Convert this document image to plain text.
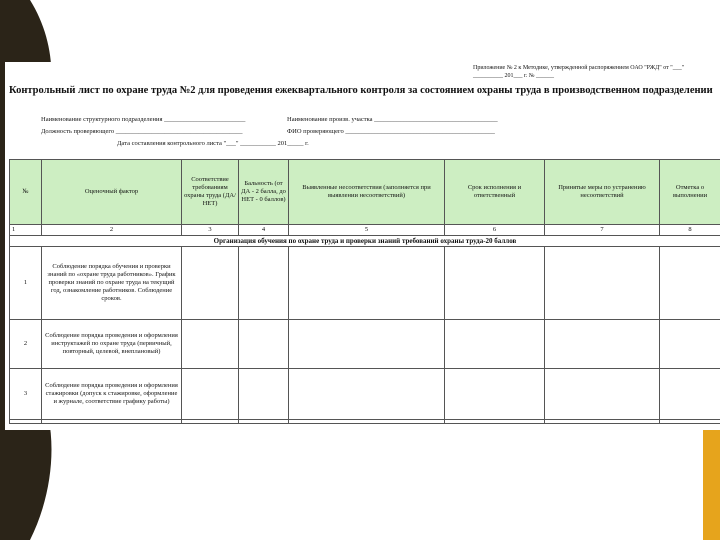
Приложение № 2 к Методике, утвержденной распоряжением ОАО "РЖД" от "___" __________ 201___ г. № ______
Контрольный лист по охране труда №2 для проведения ежеквартального контроля за состоянием охраны труда в производственном подразделении
Наименование структурного подразделения _________________________	Наименование произв. участка ______________________________________
Должность проверяющего _______________________________________	ФИО проверяющего ______________________________________________
Дата составления контрольного листа "___" ___________ 201_____ г.
№	Оценочный фактор	Соответствие требованиям охраны труда (ДА/НЕТ)	Бальность (от ДА - 2 балла, до НЕТ - 0 баллов)	Выявленные несоответствия (заполняется при выявлении несоответствий)	Срок исполнения и ответственный	Принятые меры по устранению несоответствий	Отметка о выполнении
1	2	3	4	5	6	7	8
Организация обучения по охране труда и проверки знаний требований охраны труда-20 баллов							
1	Соблюдение порядка обучения и проверки знаний по «охране труда работников». График проверки знаний по охране труда на текущий год, ознакомление работников. Соблюдение сроков.						
2	Соблюдение порядка проведения и оформления инструктажей по охране труда (первичный, повторный, целевой, внеплановый)						
3	Соблюдение порядка проведения и оформления стажировки (допуск к стажировке, оформление и журнале, соответствие графику работы)						
